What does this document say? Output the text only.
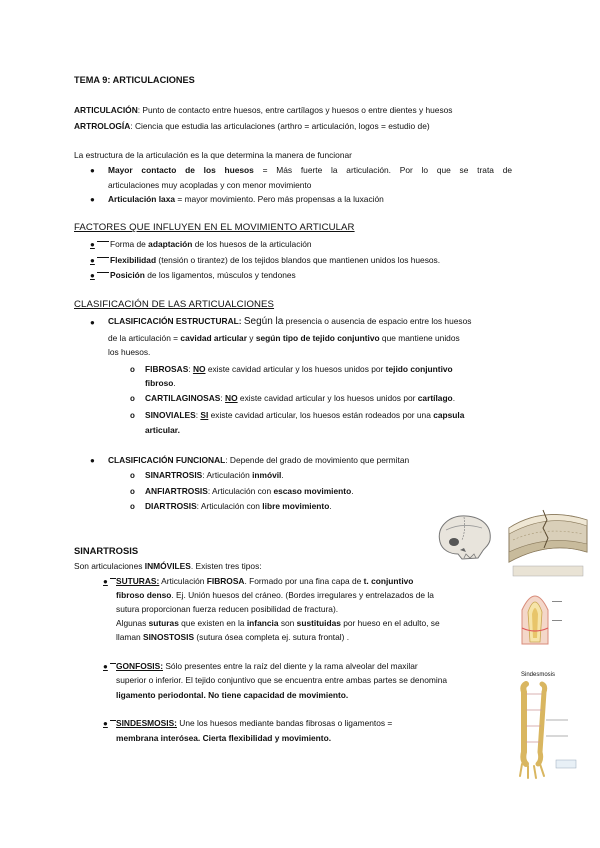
TEMA 9: ARTICULACIONES
ARTICULACIÓN: Punto de contacto entre huesos, entre cartílagos y huesos o entre dientes y huesos
ARTROLOGÍA: Ciencia que estudia las articulaciones (arthro = articulación, logos = estudio de)
La estructura de la articulación es la que determina la manera de funcionar
● Mayor contacto de los huesos = Más fuerte la articulación. Por lo que se trata de
articulaciones muy acopladas y con menor movimiento
● Articulación laxa = mayor movimiento. Pero más propensas a la luxación
FACTORES QUE INFLUYEN EN EL MOVIMIENTO ARTICULAR
● Forma de adaptación de los huesos de la articulación
● Flexibilidad (tensión o tirantez) de los tejidos blandos que mantienen unidos los huesos.
● Posición de los ligamentos, músculos y tendones
CLASIFICACIÓN DE LAS ARTICUALCIONES
● CLASIFICACIÓN ESTRUCTURAL: Según la presencia o ausencia de espacio entre los huesos
de la articulación = cavidad articular y según tipo de tejido conjuntivo que mantiene unidos
los huesos.
o FIBROSAS: NO existe cavidad articular y los huesos unidos por tejido conjuntivo
fibroso.
o CARTILAGINOSAS: NO existe cavidad articular y los huesos unidos por cartílago.
o SINOVIALES: SI existe cavidad articular, los huesos están rodeados por una capsula
articular.
● CLASIFICACIÓN FUNCIONAL: Depende del grado de movimiento que permitan
o SINARTROSIS: Articulación inmóvil.
o ANFIARTROSIS: Articulación con escaso movimiento.
o DIARTROSIS: Articulación con libre movimiento.
Sindesmosis
SINARTROSIS
Son articulaciones INMÓVILES. Existen tres tipos:
● SUTURAS: Articulación FIBROSA. Formado por una fina capa de t. conjuntivo
fibroso denso. Ej. Unión huesos del cráneo. (Bordes irregulares y entrelazados de la
sutura proporcionan fuerza reducen posibilidad de fractura).
Algunas suturas que existen en la infancia son sustituidas por hueso en el adulto, se
llaman SINOSTOSIS (sutura ósea completa ej. sutura frontal) .
● GONFOSIS: Sólo presentes entre la raíz del diente y la rama alveolar del maxilar
superior o inferior. El tejido conjuntivo que se encuentra entre ambas partes se denomina
ligamento periodontal. No tiene capacidad de movimiento.
● SINDESMOSIS: Une los huesos mediante bandas fibrosas o ligamentos =
membrana interósea. Cierta flexibilidad y movimiento.
